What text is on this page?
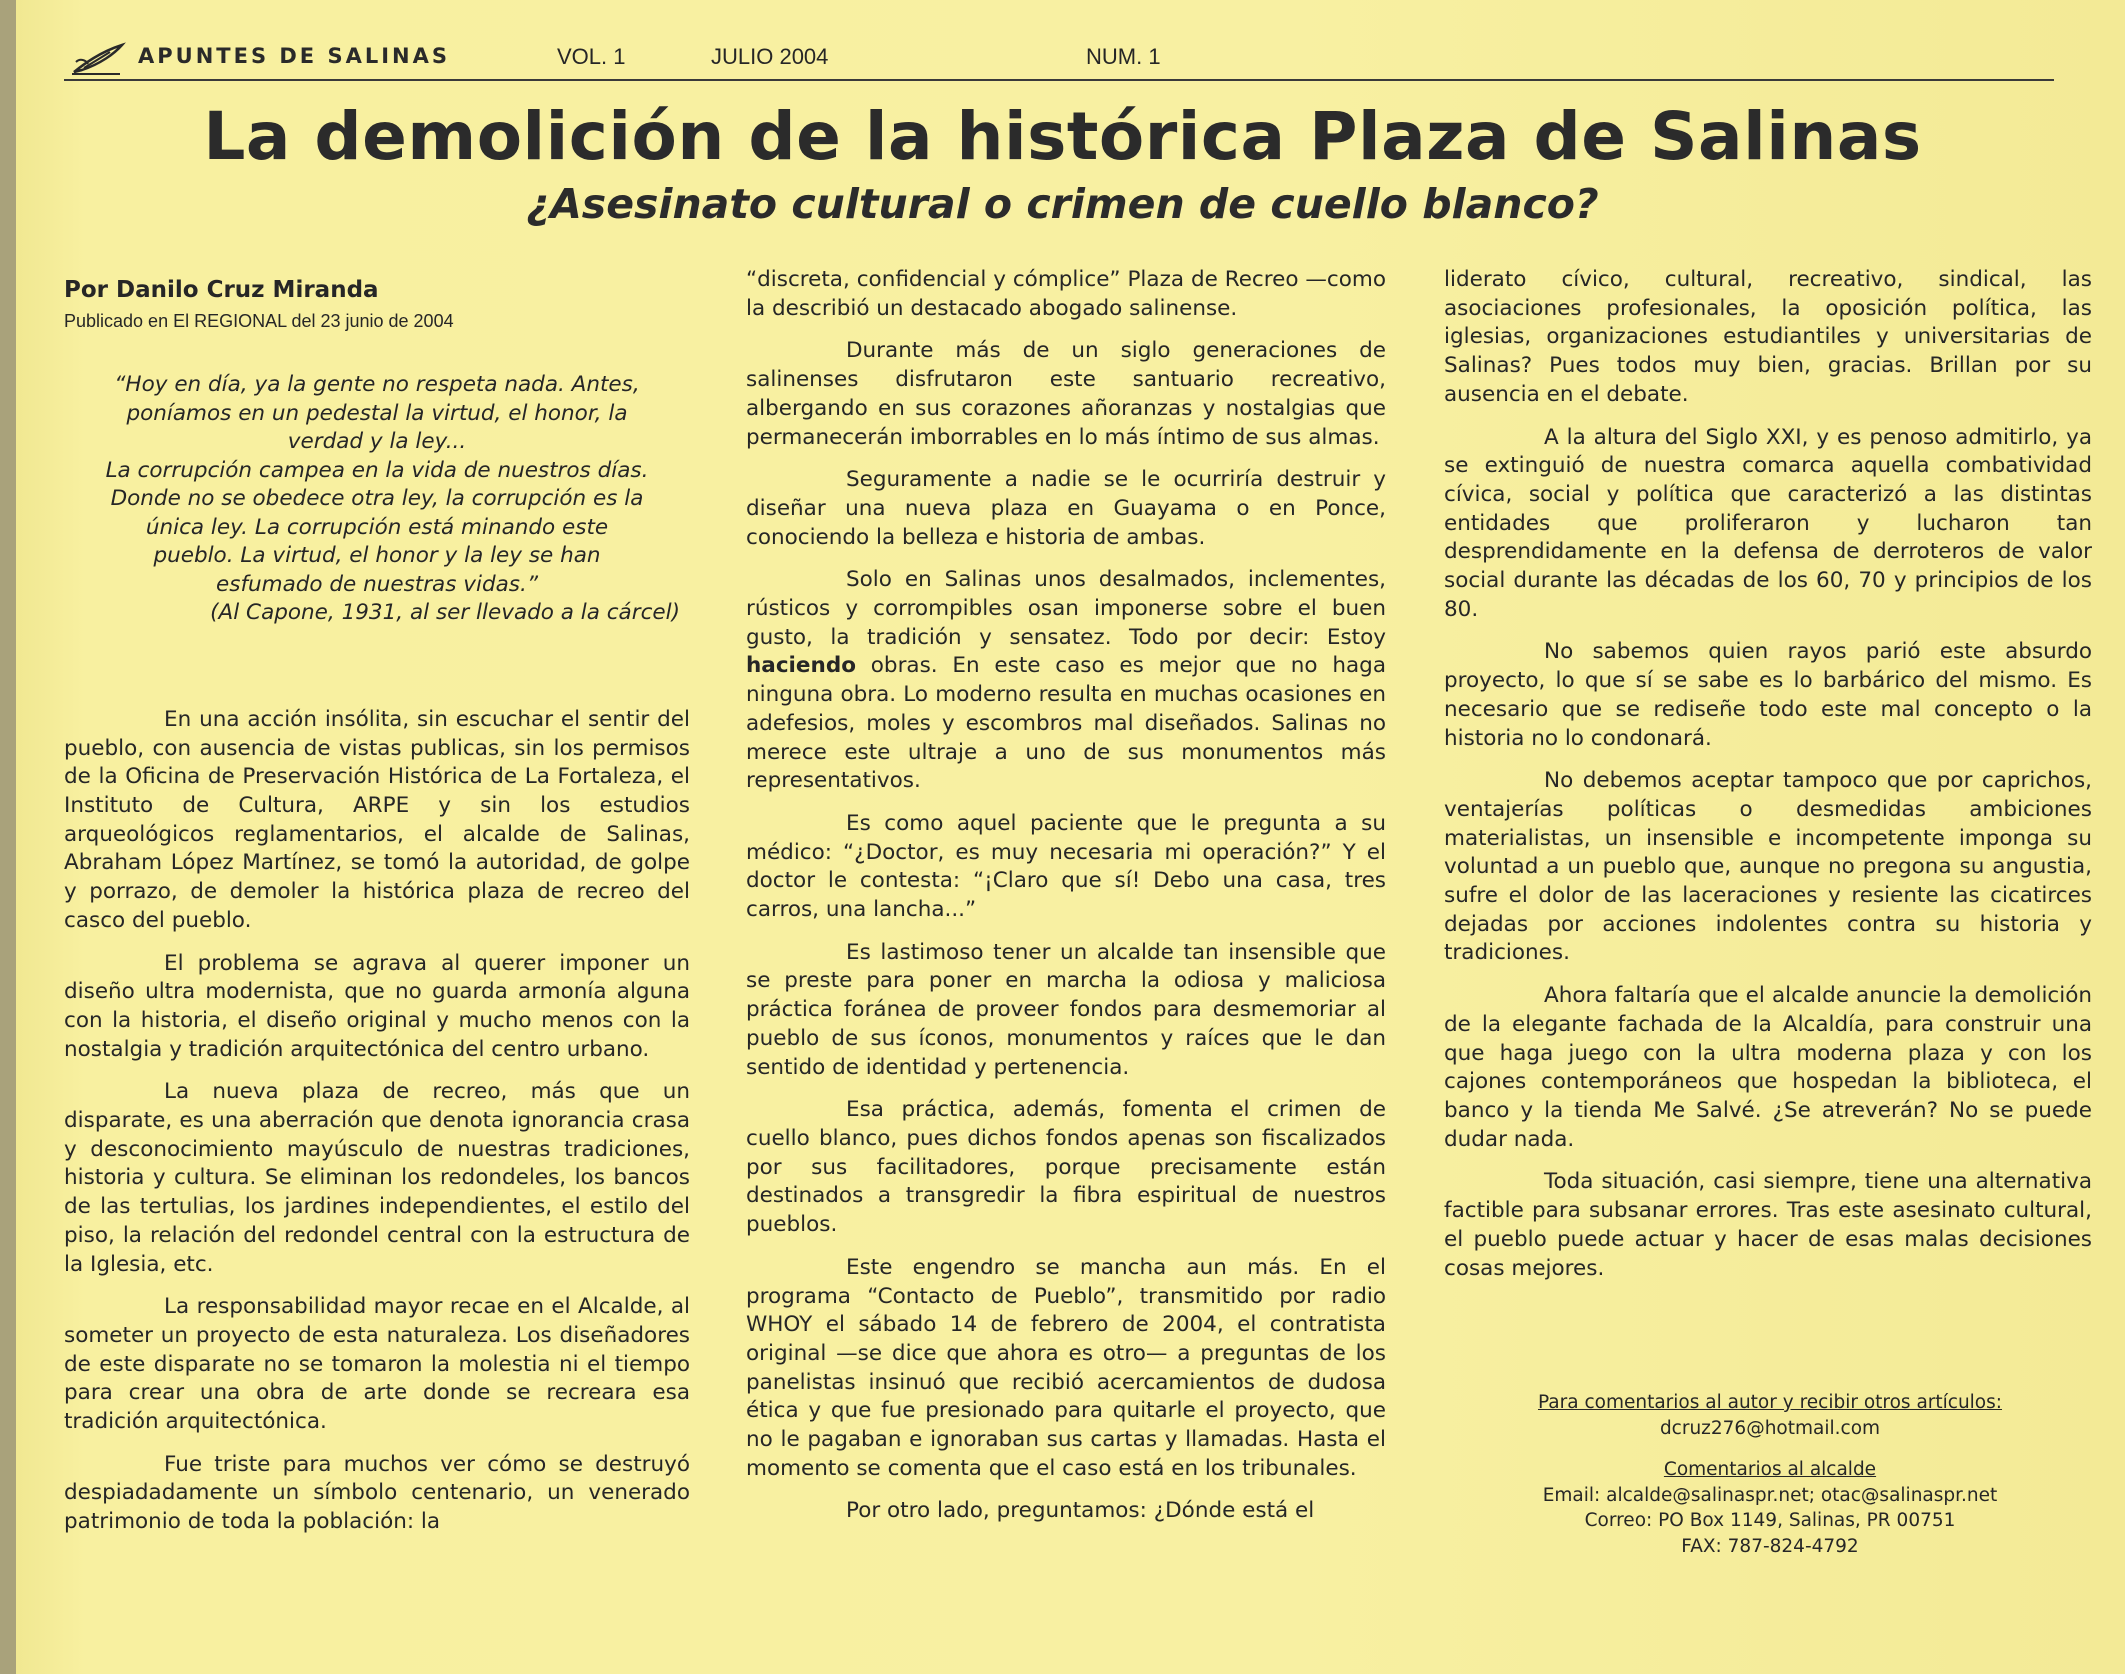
APUNTES DE SALINAS	VOL. 1	JULIO 2004	NUM. 1
La demolición de la histórica Plaza de Salinas
¿Asesinato cultural o crimen de cuello blanco?
Por Danilo Cruz Miranda
Publicado en El REGIONAL del 23 junio de 2004
“Hoy en día, ya la gente no respeta nada. Antes,
poníamos en un pedestal la virtud, el honor, la
verdad y la ley...
La corrupción campea en la vida de nuestros días.
Donde no se obedece otra ley, la corrupción es la
única ley. La corrupción está minando este
pueblo. La virtud, el honor y la ley se han
esfumado de nuestras vidas.”
(Al Capone, 1931, al ser llevado a la cárcel)

En una acción insólita, sin escuchar el sentir del pueblo, con ausencia de vistas publicas, sin los permisos de la Oficina de Preservación Histórica de La Fortaleza, el Instituto de Cultura, ARPE y sin los estudios arqueológicos reglamentarios, el alcalde de Salinas, Abraham López Martínez, se tomó la autoridad, de golpe y porrazo, de demoler la histórica plaza de recreo del casco del pueblo.

El problema se agrava al querer imponer un diseño ultra modernista, que no guarda armonía alguna con la historia, el diseño original y mucho menos con la nostalgia y tradición arquitectónica del centro urbano.

La nueva plaza de recreo, más que un disparate, es una aberración que denota ignorancia crasa y desconocimiento mayúsculo de nuestras tradiciones, historia y cultura. Se eliminan los redondeles, los bancos de las tertulias, los jardines independientes, el estilo del piso, la relación del redondel central con la estructura de la Iglesia, etc.

La responsabilidad mayor recae en el Alcalde, al someter un proyecto de esta naturaleza. Los diseñadores de este disparate no se tomaron la molestia ni el tiempo para crear una obra de arte donde se recreara esa tradición arquitectónica.

Fue triste para muchos ver cómo se destruyó despiadadamente un símbolo centenario, un venerado patrimonio de toda la población: la

“discreta, confidencial y cómplice” Plaza de Recreo —como la describió un destacado abogado salinense.

Durante más de un siglo generaciones de salinenses disfrutaron este santuario recreativo, albergando en sus corazones añoranzas y nostalgias que permanecerán imborrables en lo más íntimo de sus almas.

Seguramente a nadie se le ocurriría destruir y diseñar una nueva plaza en Guayama o en Ponce, conociendo la belleza e historia de ambas.

Solo en Salinas unos desalmados, inclementes, rústicos y corrompibles osan imponerse sobre el buen gusto, la tradición y sensatez. Todo por decir: Estoy haciendo obras. En este caso es mejor que no haga ninguna obra. Lo moderno resulta en muchas ocasiones en adefesios, moles y escombros mal diseñados. Salinas no merece este ultraje a uno de sus monumentos más representativos.

Es como aquel paciente que le pregunta a su médico: “¿Doctor, es muy necesaria mi operación?” Y el doctor le contesta: “¡Claro que sí! Debo una casa, tres carros, una lancha...”

Es lastimoso tener un alcalde tan insensible que se preste para poner en marcha la odiosa y maliciosa práctica foránea de proveer fondos para desmemoriar al pueblo de sus íconos, monumentos y raíces que le dan sentido de identidad y pertenencia.

Esa práctica, además, fomenta el crimen de cuello blanco, pues dichos fondos apenas son fiscalizados por sus facilitadores, porque precisamente están destinados a transgredir la fibra espiritual de nuestros pueblos.

Este engendro se mancha aun más. En el programa “Contacto de Pueblo”, transmitido por radio WHOY el sábado 14 de febrero de 2004, el contratista original —se dice que ahora es otro— a preguntas de los panelistas insinuó que recibió acercamientos de dudosa ética y que fue presionado para quitarle el proyecto, que no le pagaban e ignoraban sus cartas y llamadas. Hasta el momento se comenta que el caso está en los tribunales.

Por otro lado, preguntamos: ¿Dónde está el

liderato cívico, cultural, recreativo, sindical, las asociaciones profesionales, la oposición política, las iglesias, organizaciones estudiantiles y universitarias de Salinas? Pues todos muy bien, gracias. Brillan por su ausencia en el debate.

A la altura del Siglo XXI, y es penoso admitirlo, ya se extinguió de nuestra comarca aquella combatividad cívica, social y política que caracterizó a las distintas entidades que proliferaron y lucharon tan desprendidamente en la defensa de derroteros de valor social durante las décadas de los 60, 70 y principios de los 80.

No sabemos quien rayos parió este absurdo proyecto, lo que sí se sabe es lo barbárico del mismo. Es necesario que se rediseñe todo este mal concepto o la historia no lo condonará.

No debemos aceptar tampoco que por caprichos, ventajerías políticas o desmedidas ambiciones materialistas, un insensible e incompetente imponga su voluntad a un pueblo que, aunque no pregona su angustia, sufre el dolor de las laceraciones y resiente las cicatirces dejadas por acciones indolentes contra su historia y tradiciones.

Ahora faltaría que el alcalde anuncie la demolición de la elegante fachada de la Alcaldía, para construir una que haga juego con la ultra moderna plaza y con los cajones contemporáneos que hospedan la biblioteca, el banco y la tienda Me Salvé. ¿Se atreverán? No se puede dudar nada.

Toda situación, casi siempre, tiene una alternativa factible para subsanar errores. Tras este asesinato cultural, el pueblo puede actuar y hacer de esas malas decisiones cosas mejores.

Para comentarios al autor y recibir otros artículos:
dcruz276@hotmail.com
Comentarios al alcalde
Email: alcalde@salinaspr.net; otac@salinaspr.net
Correo: PO Box 1149, Salinas, PR 00751
FAX: 787-824-4792
